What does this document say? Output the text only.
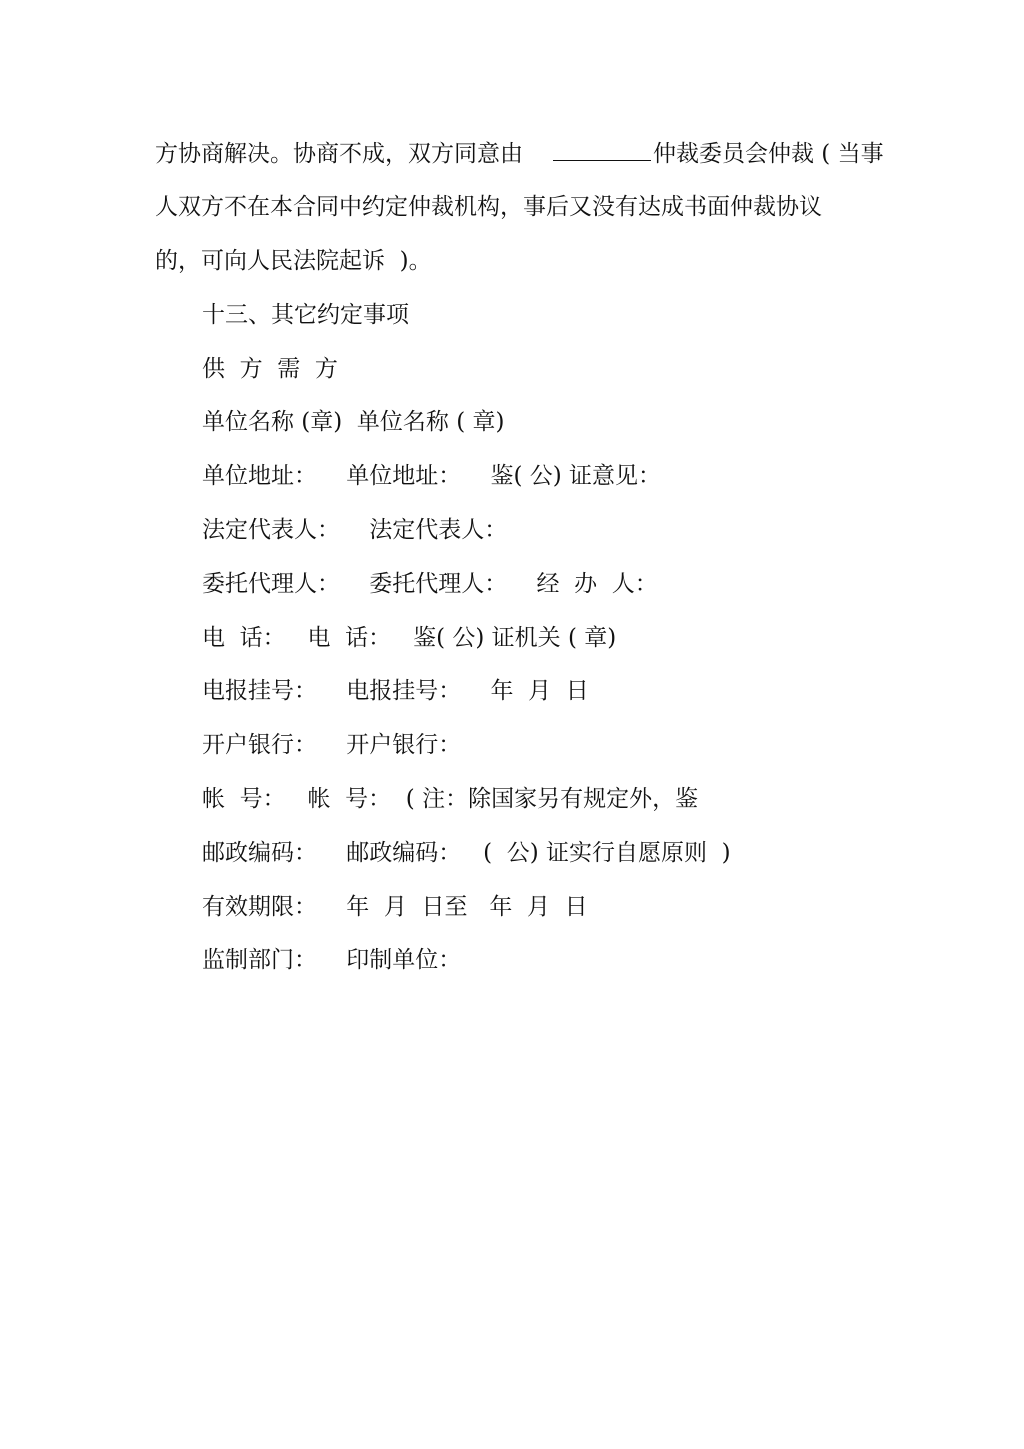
方协商解决。协商不成，双方同意由	仲裁委员会仲裁 ( 当事
人双方不在本合同中约定仲裁机构，事后又没有达成书面仲裁协议
的，可向人民法院起诉  )。
十三、其它约定事项
供  方  需  方
单位名称 (章)  单位名称 ( 章)
单位地址：    单位地址：    鉴( 公) 证意见：
法定代表人：    法定代表人：
委托代理人：    委托代理人：    经  办  人：
电  话：   电  话：   鉴( 公) 证机关 ( 章)
电报挂号：    电报挂号：    年  月  日
开户银行：    开户银行：
帐  号：   帐  号：  ( 注：除国家另有规定外，鉴
邮政编码：    邮政编码：   (  公) 证实行自愿原则  )
有效期限：    年  月  日至   年  月  日
监制部门：    印制单位：
